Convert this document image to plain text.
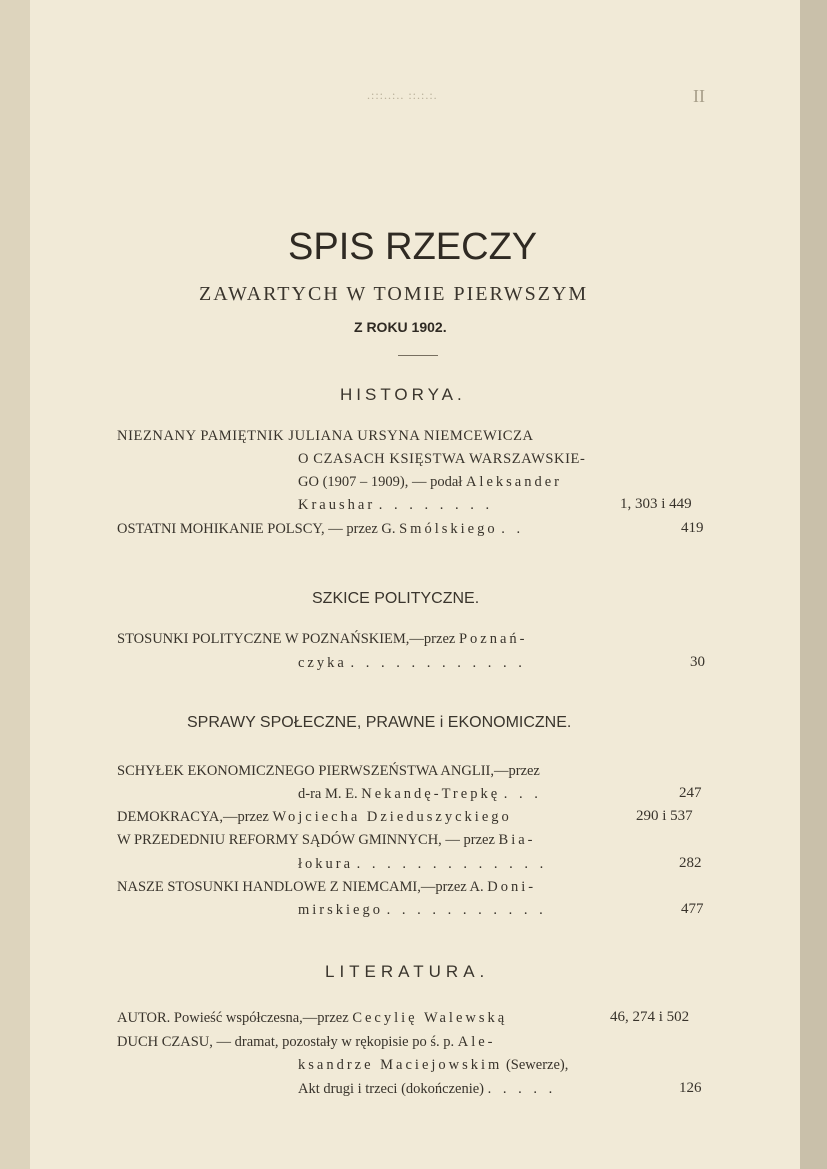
.:::..:.. ::.:.:.	II
SPIS RZECZY
ZAWARTYCH W TOMIE PIERWSZYM
Z ROKU 1902.
HISTORYA.
NIEZNANY PAMIĘTNIK JULIANA URSYNA NIEMCEWICZA
O CZASACH KSIĘSTWA WARSZAWSKIE-
GO (1907 – 1909), — podał Aleksander
Kraushar . . . . . . . .	1, 303 i 449
OSTATNI MOHIKANIE POLSCY, — przez G. Smólskiego . .	419
SZKICE POLITYCZNE.
STOSUNKI POLITYCZNE W POZNAŃSKIEM,—przez Poznań-
czyka . . . . . . . . . . . .	30
SPRAWY SPOŁECZNE, PRAWNE i EKONOMICZNE.
SCHYŁEK EKONOMICZNEGO PIERWSZEŃSTWA ANGLII,—przez
d-ra M. E. Nekandę-Trepkę . . .	247
DEMOKRACYA,—przez Wojciecha Dzieduszyckiego	290 i 537
W PRZEDEDNIU REFORMY SĄDÓW GMINNYCH, — przez Bia-
łokura . . . . . . . . . . . . .	282
NASZE STOSUNKI HANDLOWE Z NIEMCAMI,—przez A. Doni-
mirskiego . . . . . . . . . . .	477
LITERATURA.
AUTOR. Powieść współczesna,—przez Cecylię Walewską	46, 274 i 502
DUCH CZASU, — dramat, pozostały w rękopisie po ś. p. Ale-
ksandrze Maciejowskim (Sewerze),
Akt drugi i trzeci (dokończenie) . . . . .	126
